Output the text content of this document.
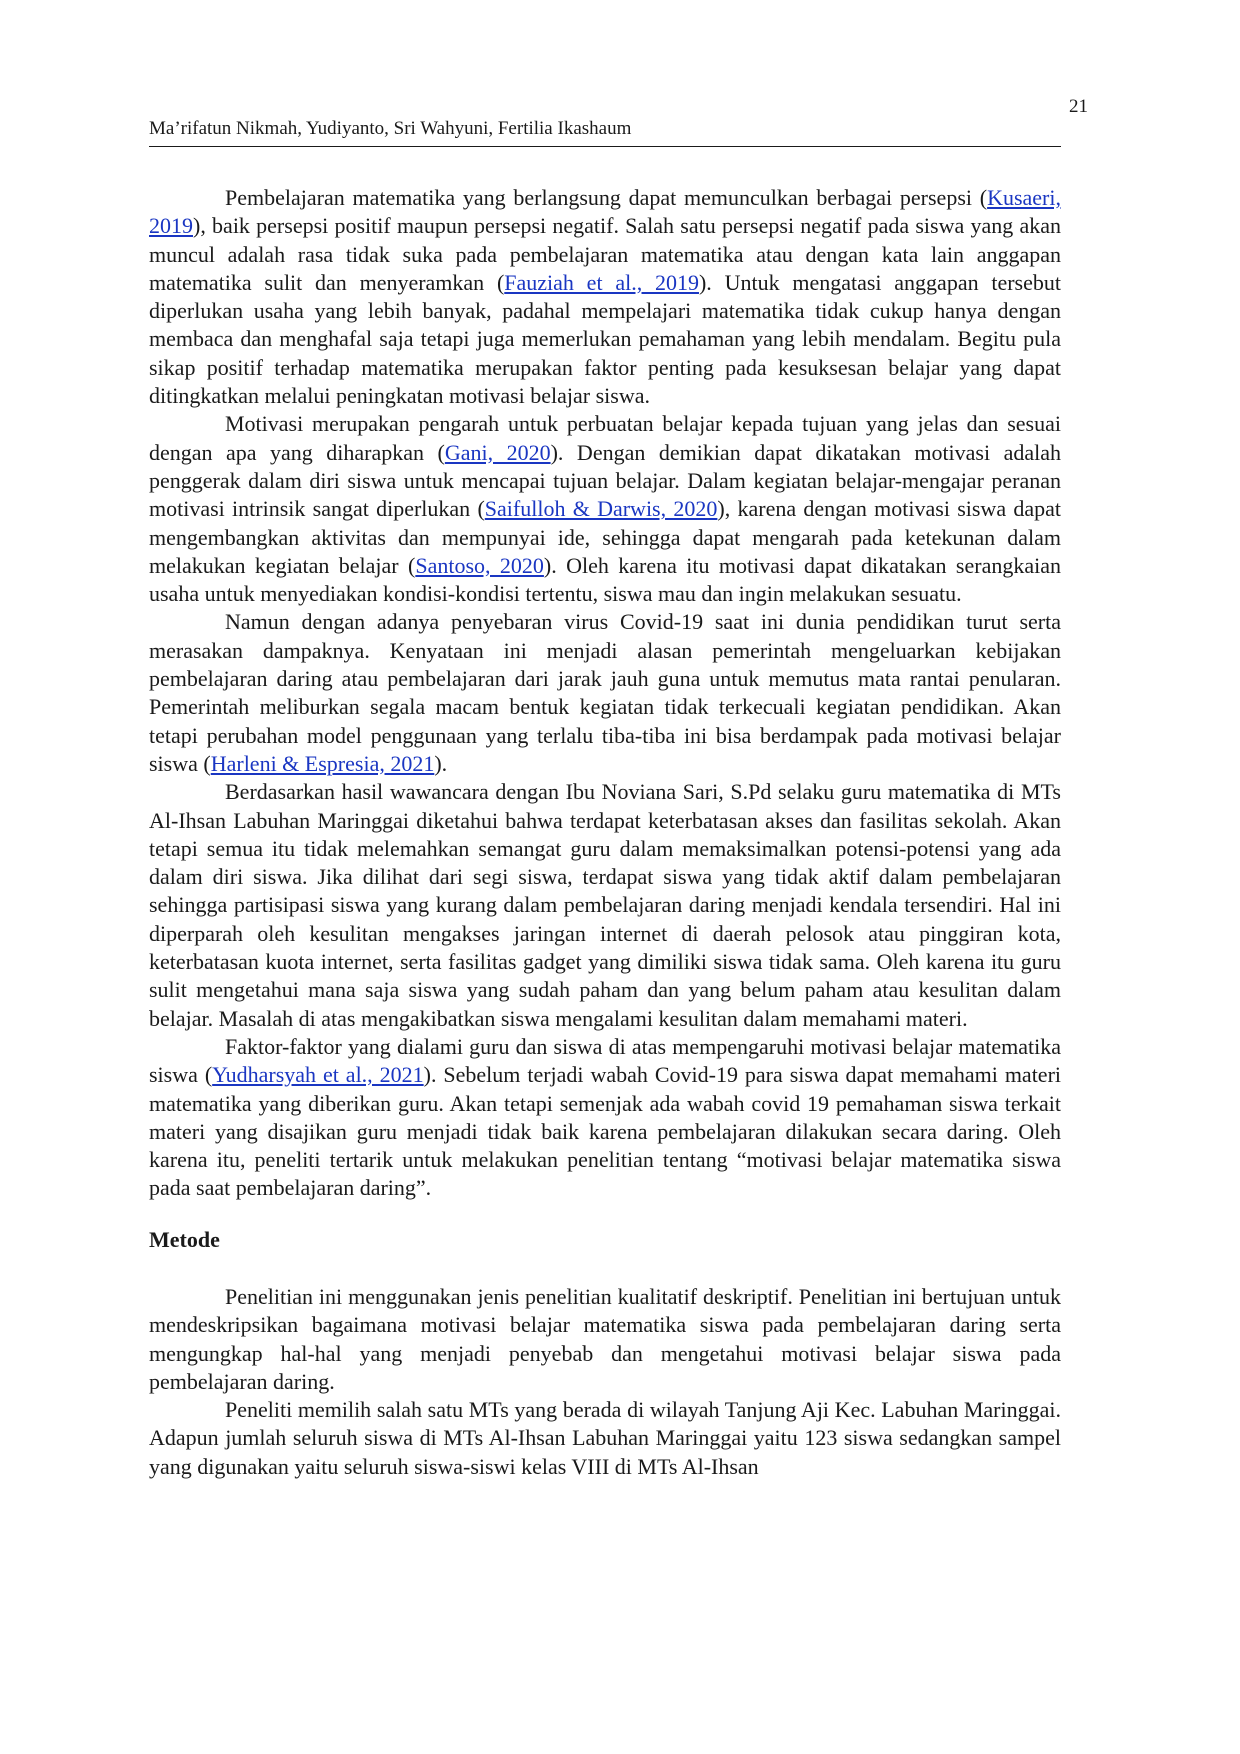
21
Ma’rifatun Nikmah, Yudiyanto, Sri Wahyuni, Fertilia Ikashaum

Pembelajaran matematika yang berlangsung dapat memunculkan berbagai persepsi (Kusaeri, 2019), baik persepsi positif maupun persepsi negatif. Salah satu persepsi negatif pada siswa yang akan muncul adalah rasa tidak suka pada pembelajaran matematika atau dengan kata lain anggapan matematika sulit dan menyeramkan (Fauziah et al., 2019). Untuk mengatasi anggapan tersebut diperlukan usaha yang lebih banyak, padahal mempelajari matematika tidak cukup hanya dengan membaca dan menghafal saja tetapi juga memerlukan pemahaman yang lebih mendalam. Begitu pula sikap positif terhadap matematika merupakan faktor penting pada kesuksesan belajar yang dapat ditingkatkan melalui peningkatan motivasi belajar siswa.

Motivasi merupakan pengarah untuk perbuatan belajar kepada tujuan yang jelas dan sesuai dengan apa yang diharapkan (Gani, 2020). Dengan demikian dapat dikatakan motivasi adalah penggerak dalam diri siswa untuk mencapai tujuan belajar. Dalam kegiatan belajar-mengajar peranan motivasi intrinsik sangat diperlukan (Saifulloh & Darwis, 2020), karena dengan motivasi siswa dapat mengembangkan aktivitas dan mempunyai ide, sehingga dapat mengarah pada ketekunan dalam melakukan kegiatan belajar (Santoso, 2020). Oleh karena itu motivasi dapat dikatakan serangkaian usaha untuk menyediakan kondisi-kondisi tertentu, siswa mau dan ingin melakukan sesuatu.

Namun dengan adanya penyebaran virus Covid-19 saat ini dunia pendidikan turut serta merasakan dampaknya. Kenyataan ini menjadi alasan pemerintah mengeluarkan kebijakan pembelajaran daring atau pembelajaran dari jarak jauh guna untuk memutus mata rantai penularan. Pemerintah meliburkan segala macam bentuk kegiatan tidak terkecuali kegiatan pendidikan. Akan tetapi perubahan model penggunaan yang terlalu tiba-tiba ini bisa berdampak pada motivasi belajar siswa (Harleni & Espresia, 2021).

Berdasarkan hasil wawancara dengan Ibu Noviana Sari, S.Pd selaku guru matematika di MTs Al-Ihsan Labuhan Maringgai diketahui bahwa terdapat keterbatasan akses dan fasilitas sekolah. Akan tetapi semua itu tidak melemahkan semangat guru dalam memaksimalkan potensi-potensi yang ada dalam diri siswa. Jika dilihat dari segi siswa, terdapat siswa yang tidak aktif dalam pembelajaran sehingga partisipasi siswa yang kurang dalam pembelajaran daring menjadi kendala tersendiri. Hal ini diperparah oleh kesulitan mengakses jaringan internet di daerah pelosok atau pinggiran kota, keterbatasan kuota internet, serta fasilitas gadget yang dimiliki siswa tidak sama. Oleh karena itu guru sulit mengetahui mana saja siswa yang sudah paham dan yang belum paham atau kesulitan dalam belajar. Masalah di atas mengakibatkan siswa mengalami kesulitan dalam memahami materi.

Faktor-faktor yang dialami guru dan siswa di atas mempengaruhi motivasi belajar matematika siswa (Yudharsyah et al., 2021). Sebelum terjadi wabah Covid-19 para siswa dapat memahami materi matematika yang diberikan guru. Akan tetapi semenjak ada wabah covid 19 pemahaman siswa terkait materi yang disajikan guru menjadi tidak baik karena pembelajaran dilakukan secara daring. Oleh karena itu, peneliti tertarik untuk melakukan penelitian tentang “motivasi belajar matematika siswa pada saat pembelajaran daring”.

Metode

Penelitian ini menggunakan jenis penelitian kualitatif deskriptif. Penelitian ini bertujuan untuk mendeskripsikan bagaimana motivasi belajar matematika siswa pada pembelajaran daring serta mengungkap hal-hal yang menjadi penyebab dan mengetahui motivasi belajar siswa pada pembelajaran daring.

Peneliti memilih salah satu MTs yang berada di wilayah Tanjung Aji Kec. Labuhan Maringgai. Adapun jumlah seluruh siswa di MTs Al-Ihsan Labuhan Maringgai yaitu 123 siswa sedangkan sampel yang digunakan yaitu seluruh siswa-siswi kelas VIII di MTs Al-Ihsan
